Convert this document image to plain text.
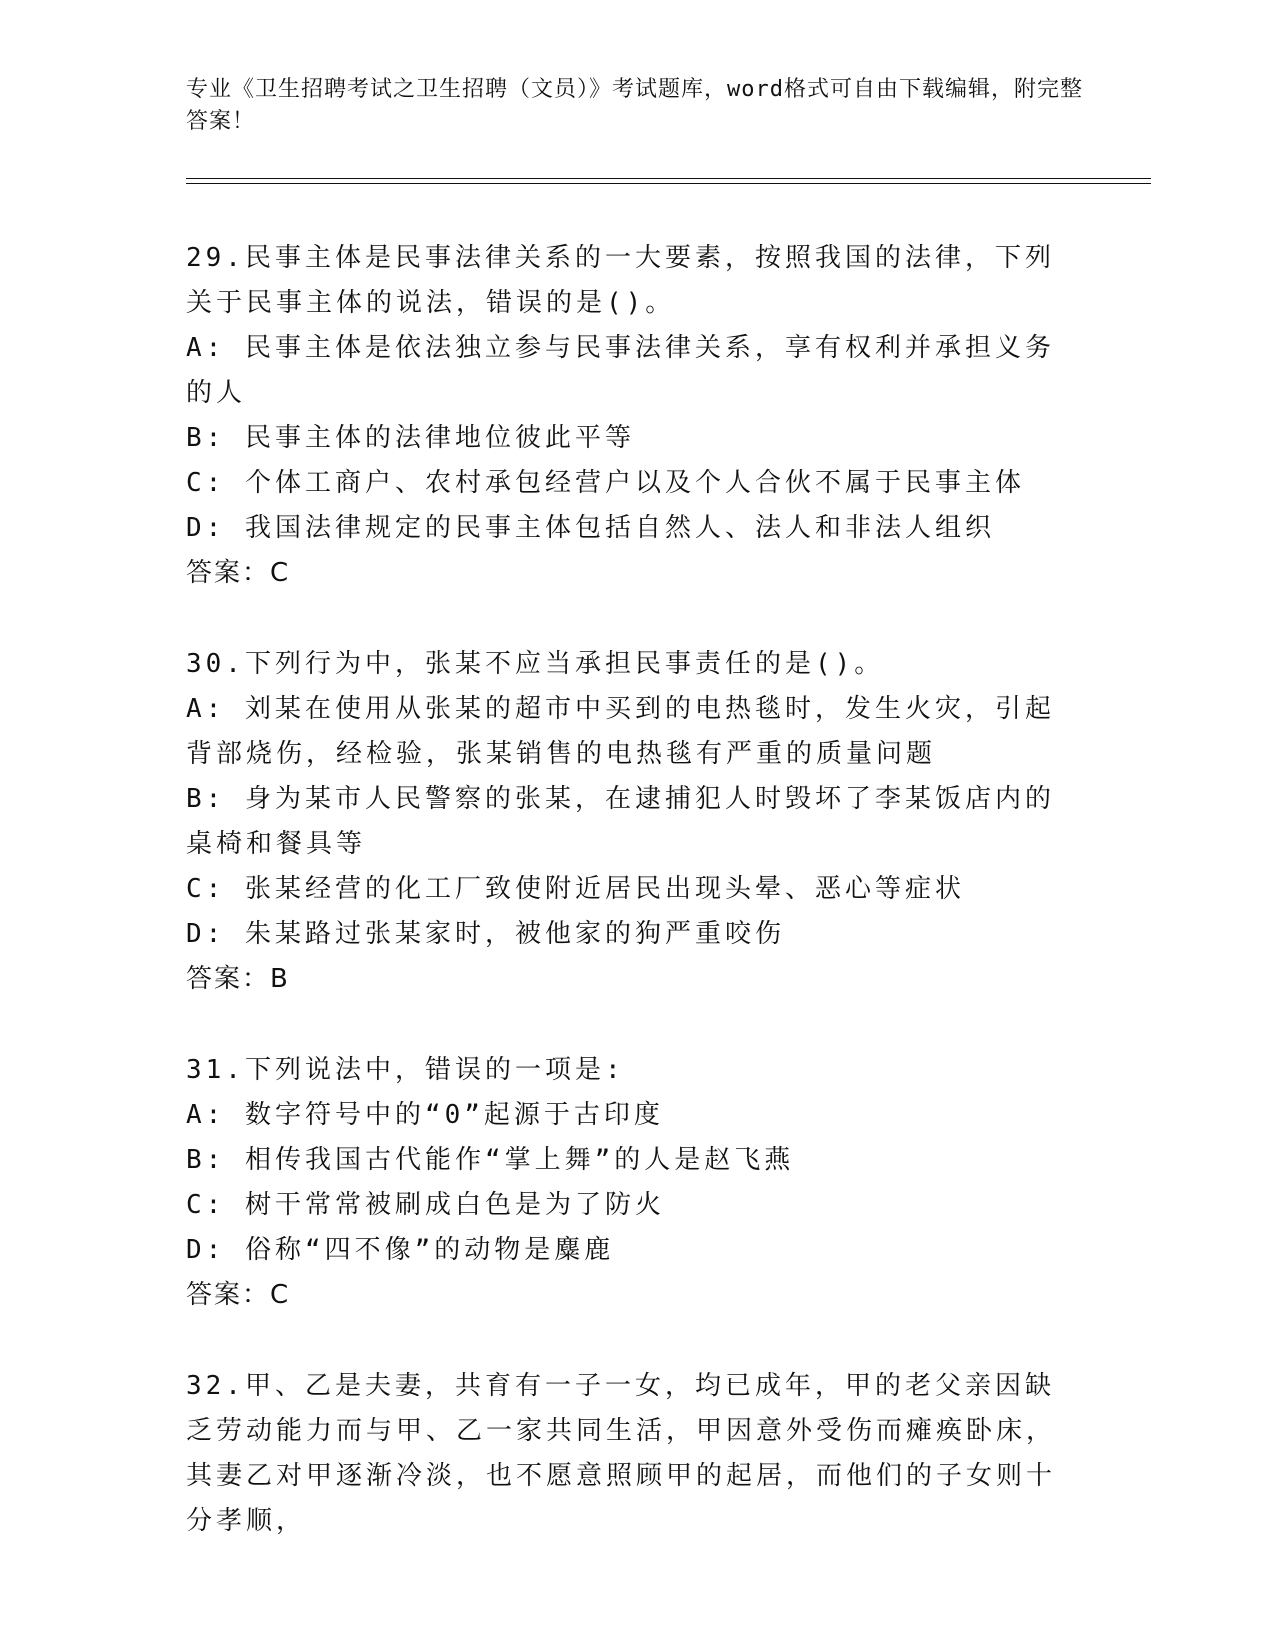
专业《卫生招聘考试之卫生招聘（文员）》考试题库，word格式可自由下载编辑，附完整答案！

29.民事主体是民事法律关系的一大要素，按照我国的法律，下列关于民事主体的说法，错误的是()。

A: 民事主体是依法独立参与民事法律关系，享有权利并承担义务的人

B: 民事主体的法律地位彼此平等

C: 个体工商户、农村承包经营户以及个人合伙不属于民事主体

D: 我国法律规定的民事主体包括自然人、法人和非法人组织

答案：C

30.下列行为中，张某不应当承担民事责任的是()。

A: 刘某在使用从张某的超市中买到的电热毯时，发生火灾，引起背部烧伤，经检验，张某销售的电热毯有严重的质量问题

B: 身为某市人民警察的张某，在逮捕犯人时毁坏了李某饭店内的桌椅和餐具等

C: 张某经营的化工厂致使附近居民出现头晕、恶心等症状

D: 朱某路过张某家时，被他家的狗严重咬伤

答案：B

31.下列说法中，错误的一项是:

A: 数字符号中的“0”起源于古印度

B: 相传我国古代能作“掌上舞”的人是赵飞燕

C: 树干常常被刷成白色是为了防火

D: 俗称“四不像”的动物是麋鹿

答案：C

32.甲、乙是夫妻，共育有一子一女，均已成年，甲的老父亲因缺乏劳动能力而与甲、乙一家共同生活，甲因意外受伤而瘫痪卧床，其妻乙对甲逐渐冷淡，也不愿意照顾甲的起居，而他们的子女则十分孝顺，
